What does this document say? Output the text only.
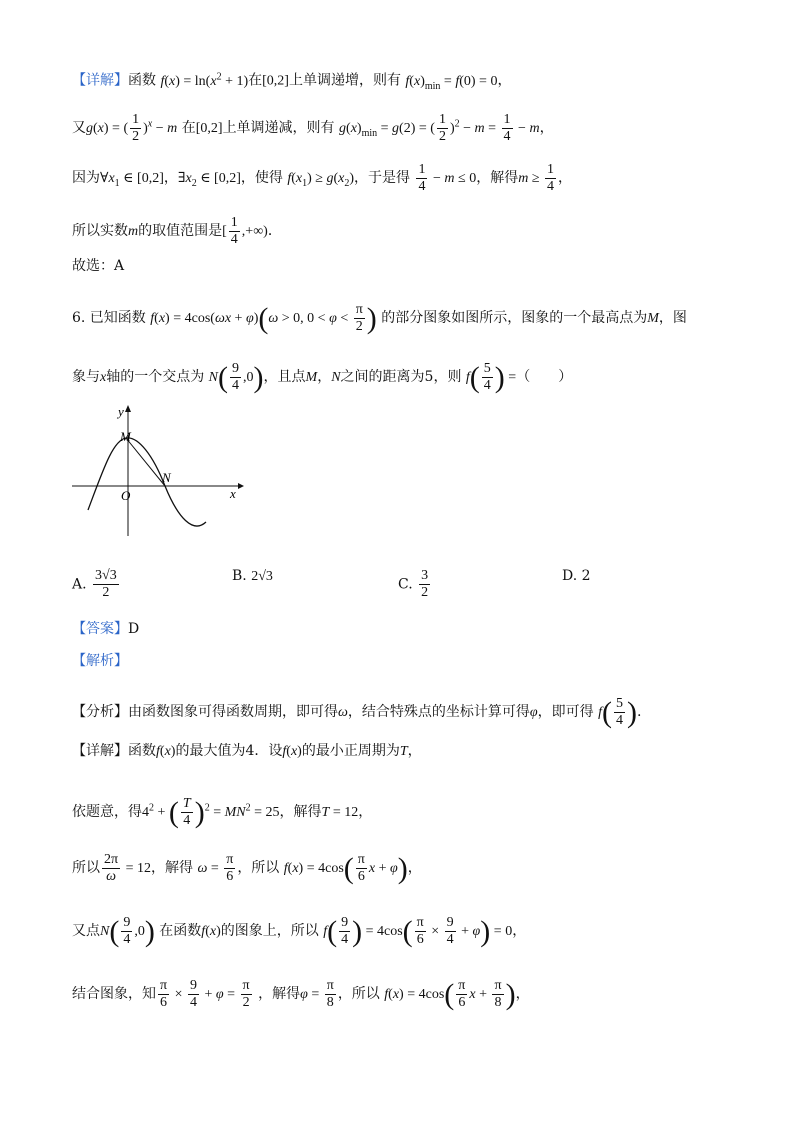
【详解】函数 $f(x) = \ln(x^2 + 1)$在[0,2]上单调递增，则有 $f(x)_{min} = f(0) = 0$，
又g(x) = ( $\frac{1}{2} )^x - m$ 在[0,2]上单调递减，则有 $g(x)_{min} = g(2)$ = ( $\frac{1}{2} )^2 - m = \frac{1}{4} - m$，
因为$\forall x_1$ ∈ [0,2]，$\exists x_2$ ∈ [0,2]，使得 $f(x_1) \ge g(x_2)$，于是得 $\frac{1}{4} - m \le 0$，解得$m \ge \frac{1}{4}$ ，
所以实数m的取值范围是[ $\frac{1}{4}$ ,+∞)．
故选：A
6. 已知函数 f(x) = 4cos(ωx + φ)(ω > 0, $0 < \varphi < \frac{\pi}{2}$ ) 的部分图象如图所示，图象的一个最高点为M，图
象与x轴的一个交点为 $N( \frac{9}{4} ,0)$，且点M，N之间的距离为5，则 $f( \frac{5}{4}$ ) =（　　）
y
x
M
N
O
A. $\frac{3√3}{2}$	B. 2√3
C. $\frac{3}{2}$	D. 2
【答案】D
【解析】
【分析】由函数图象可得函数周期，即可得ω，结合特殊点的坐标计算可得φ，即可得 $f( \frac{5}{4}$ ).
【详解】函数f(x)的最大值为4．设f(x)的最小正周期为T，
依题意，得$4^2$ + ( $\frac{T}{4} )^2 = MN^2 = 25$，解得T = 12，
所以 $\frac{2\pi}{\omega} = 12$，解得 $\omega = \frac{\pi}{6}$ ，所以 $f(x) = 4\cos( \frac{\pi}{6}$ x + φ)，
又点$N( \frac{9}{4} ,0)$ 在函数f(x)的图象上，所以 $f( \frac{9}{4}$ ) = $4\cos( \frac{\pi}{6} \times \frac{9}{4} + \varphi) = 0$，
结合图象，知 $\frac{\pi}{6} \times \frac{9}{4} + \varphi = \frac{\pi}{2}$ ，解得$\varphi = \frac{\pi}{8}$ ，所以 $f(x) = 4\cos( \frac{\pi}{6}$ $x + \frac{\pi}{8}$ )，
